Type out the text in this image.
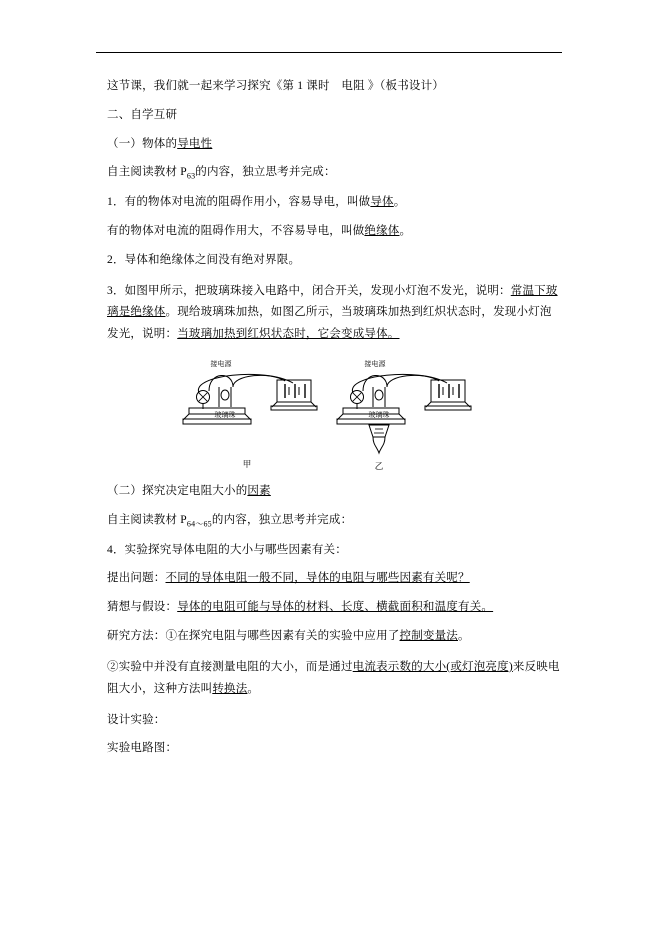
这节课，我们就一起来学习探究《第 1 课时　电阻 》（板书设计）

二、自学互研

（一）物体的导电性

自主阅读教材 $P_{63}$的内容，独立思考并完成：

1．有的物体对电流的阻碍作用小，容易导电，叫做导体。

有的物体对电流的阻碍作用大，不容易导电，叫做绝缘体。

2．导体和绝缘体之间没有绝对界限。

3．如图甲所示，把玻璃珠接入电路中，闭合开关，发现小灯泡不发光，说明：常温下玻璃是绝缘体。现给玻璃珠加热，如图乙所示，当玻璃珠加热到红炽状态时，发现小灯泡发光，说明：当玻璃加热到红炽状态时，它会变成导体。

接电源
玻璃珠
甲
接电源
玻璃珠
乙

（二）探究决定电阻大小的因素

自主阅读教材 $P_{64\sim 65}$的内容，独立思考并完成：

4．实验探究导体电阻的大小与哪些因素有关：

提出问题：不同的导体电阻一般不同，导体的电阻与哪些因素有关呢？

猜想与假设：导体的电阻可能与导体的材料、长度、横截面积和温度有关。

研究方法：①在探究电阻与哪些因素有关的实验中应用了控制变量法。

②实验中并没有直接测量电阻的大小，而是通过电流表示数的大小(或灯泡亮度)来反映电阻大小，这种方法叫转换法。

设计实验：

实验电路图：
